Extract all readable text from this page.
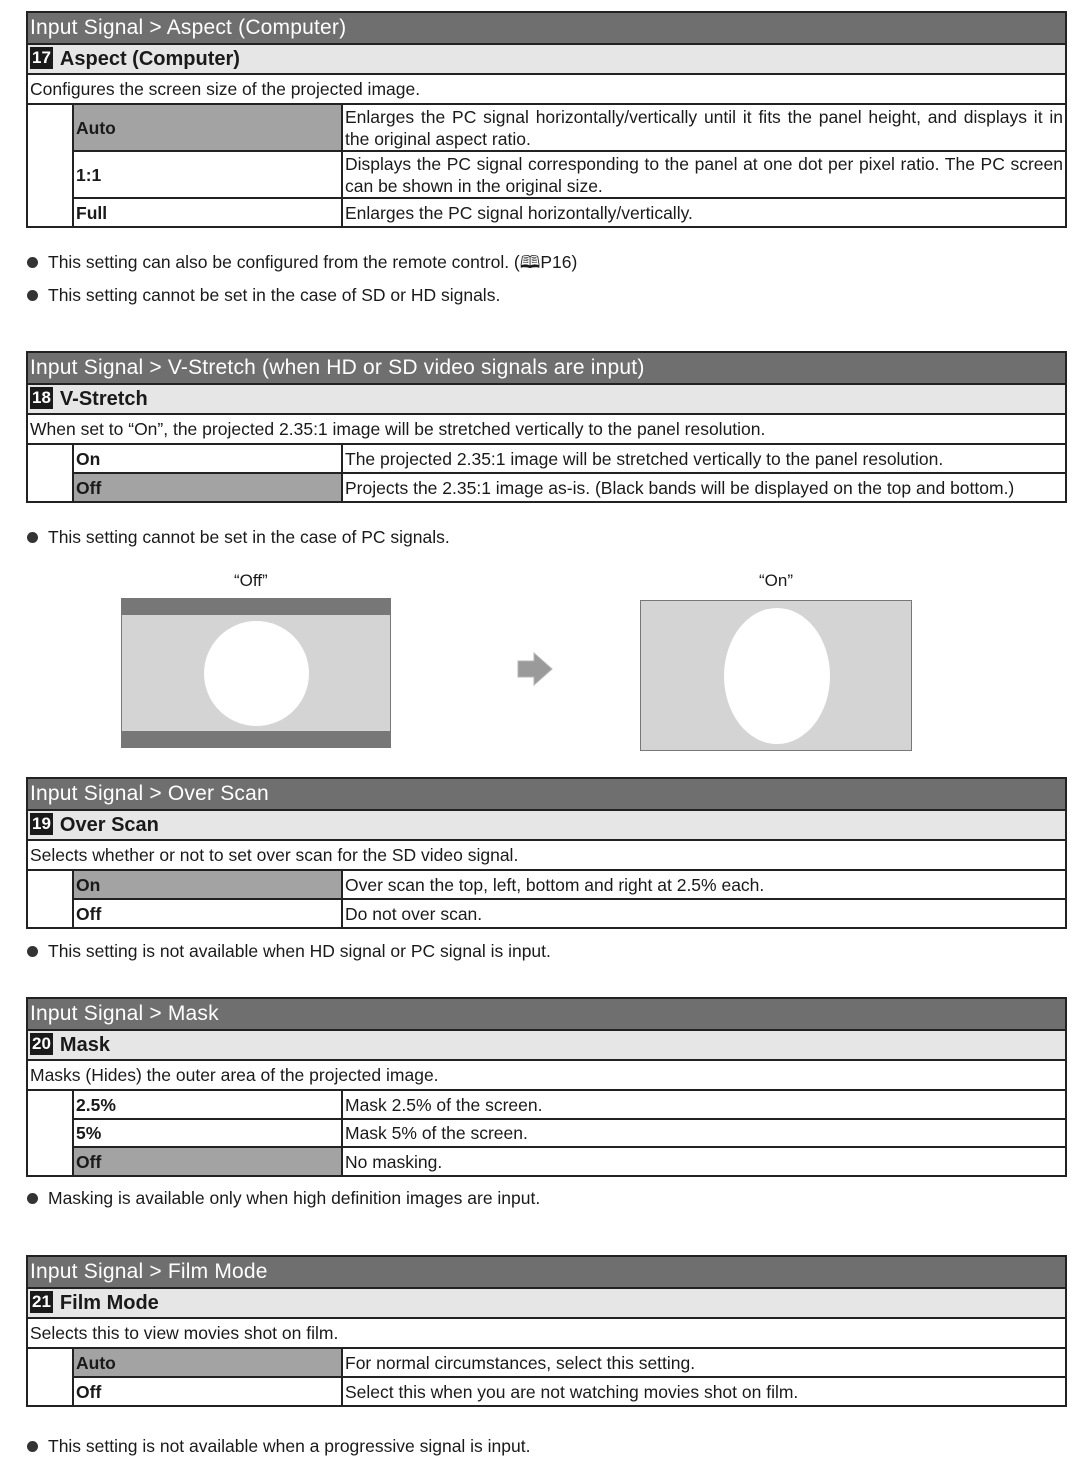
Input Signal > Aspect (Computer)
17 Aspect (Computer)
Configures the screen size of the projected image.
	Auto	Enlarges the PC signal horizontally/vertically until it fits the panel height, and displays it in the original aspect ratio.
	1:1	Displays the PC signal corresponding to the panel at one dot per pixel ratio. The PC screen can be shown in the original size.
	Full	Enlarges the PC signal horizontally/vertically.
This setting can also be configured from the remote control. (🕮P16)
This setting cannot be set in the case of SD or HD signals.
Input Signal > V-Stretch (when HD or SD video signals are input)
18 V-Stretch
When set to “On”, the projected 2.35:1 image will be stretched vertically to the panel resolution.
	On	The projected 2.35:1 image will be stretched vertically to the panel resolution.
	Off	Projects the 2.35:1 image as-is. (Black bands will be displayed on the top and bottom.)
This setting cannot be set in the case of PC signals.
“Off”	“On”
Input Signal > Over Scan
19 Over Scan
Selects whether or not to set over scan for the SD video signal.
	On	Over scan the top, left, bottom and right at 2.5% each.
	Off	Do not over scan.
This setting is not available when HD signal or PC signal is input.
Input Signal > Mask
20 Mask
Masks (Hides) the outer area of the projected image.
	2.5%	Mask 2.5% of the screen.
	5%	Mask 5% of the screen.
	Off	No masking.
Masking is available only when high definition images are input.
Input Signal > Film Mode
21 Film Mode
Selects this to view movies shot on film.
	Auto	For normal circumstances, select this setting.
	Off	Select this when you are not watching movies shot on film.
This setting is not available when a progressive signal is input.
